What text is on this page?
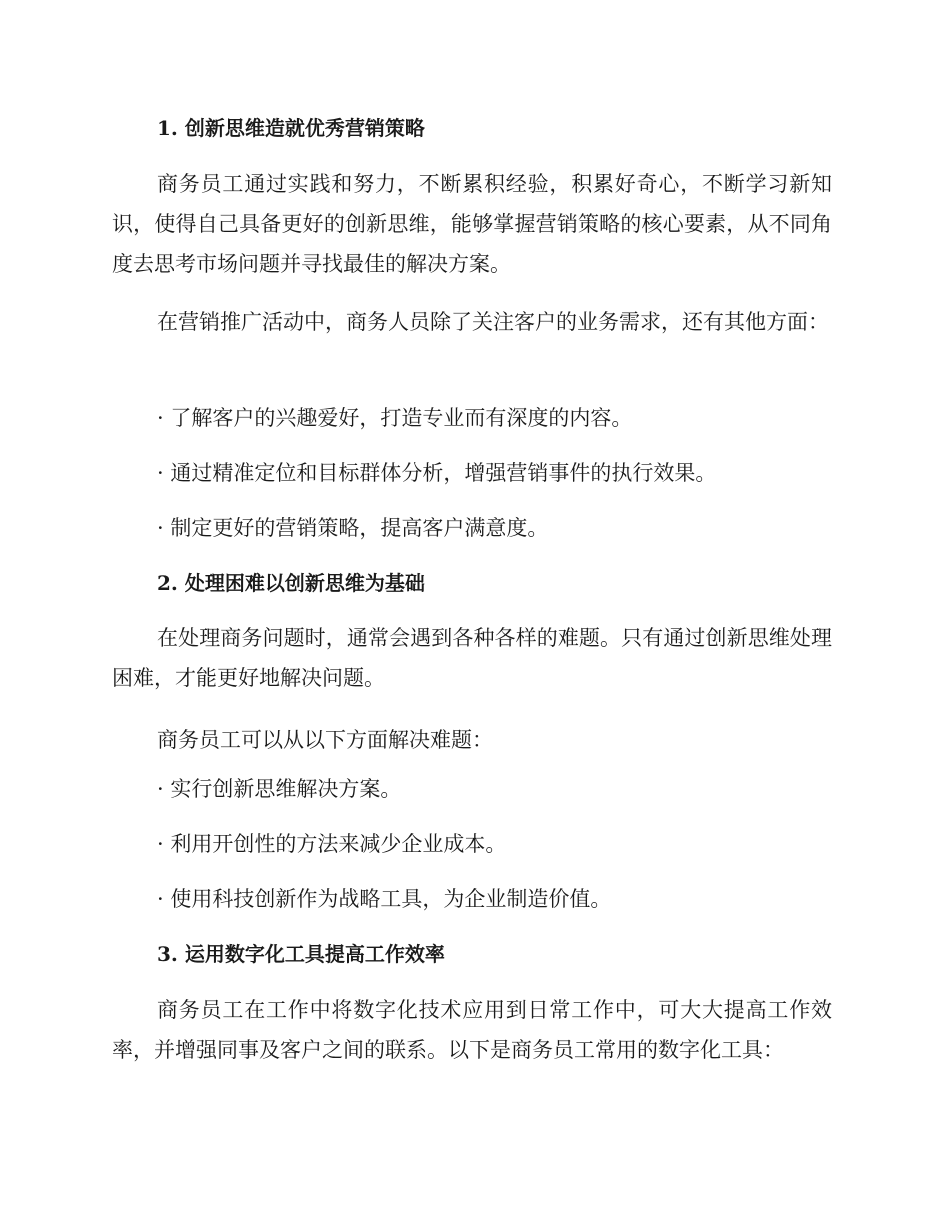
1. 创新思维造就优秀营销策略
商务员工通过实践和努力，不断累积经验，积累好奇心，不断学习新知识，使得自己具备更好的创新思维，能够掌握营销策略的核心要素，从不同角度去思考市场问题并寻找最佳的解决方案。
在营销推广活动中，商务人员除了关注客户的业务需求，还有其他方面：
· 了解客户的兴趣爱好，打造专业而有深度的内容。
· 通过精准定位和目标群体分析，增强营销事件的执行效果。
· 制定更好的营销策略，提高客户满意度。
2. 处理困难以创新思维为基础
在处理商务问题时，通常会遇到各种各样的难题。只有通过创新思维处理困难，才能更好地解决问题。
商务员工可以从以下方面解决难题：
· 实行创新思维解决方案。
· 利用开创性的方法来减少企业成本。
· 使用科技创新作为战略工具，为企业制造价值。
3. 运用数字化工具提高工作效率
商务员工在工作中将数字化技术应用到日常工作中，可大大提高工作效率，并增强同事及客户之间的联系。以下是商务员工常用的数字化工具：
